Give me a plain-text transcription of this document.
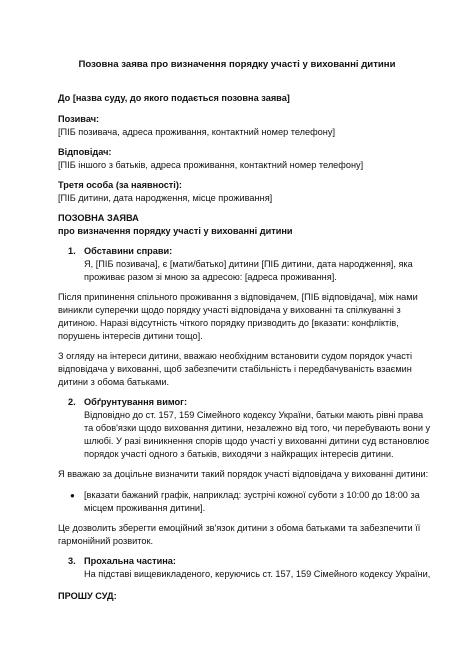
Позовна заява про визначення порядку участі у вихованні дитини
До [назва суду, до якого подається позовна заява]
Позивач:
[ПІБ позивача, адреса проживання, контактний номер телефону]
Відповідач:
[ПІБ іншого з батьків, адреса проживання, контактний номер телефону]
Третя особа (за наявності):
[ПІБ дитини, дата народження, місце проживання]
ПОЗОВНА ЗАЯВА
про визначення порядку участі у вихованні дитини
1. Обставини справи:
Я, [ПІБ позивача], є [мати/батько] дитини [ПІБ дитини, дата народження], яка
проживає разом зі мною за адресою: [адреса проживання].
Після припинення спільного проживання з відповідачем, [ПІБ відповідача], між нами
виникли суперечки щодо порядку участі відповідача у вихованні та спілкуванні з
дитиною. Наразі відсутність чіткого порядку призводить до [вказати: конфліктів,
порушень інтересів дитини тощо].
З огляду на інтереси дитини, вважаю необхідним встановити судом порядок участі
відповідача у вихованні, щоб забезпечити стабільність і передбачуваність взаємин
дитини з обома батьками.
2. Обґрунтування вимог:
Відповідно до ст. 157, 159 Сімейного кодексу України, батьки мають рівні права
та обов'язки щодо виховання дитини, незалежно від того, чи перебувають вони у
шлюбі. У разі виникнення спорів щодо участі у вихованні дитини суд встановлює
порядок участі одного з батьків, виходячи з найкращих інтересів дитини.
Я вважаю за доцільне визначити такий порядок участі відповідача у вихованні дитини:
● [вказати бажаний графік, наприклад: зустрічі кожної суботи з 10:00 до 18:00 за
місцем проживання дитини].
Це дозволить зберегти емоційний зв'язок дитини з обома батьками та забезпечити її
гармонійний розвиток.
3. Прохальна частина:
На підставі вищевикладеного, керуючись ст. 157, 159 Сімейного кодексу України,
ПРОШУ СУД:
